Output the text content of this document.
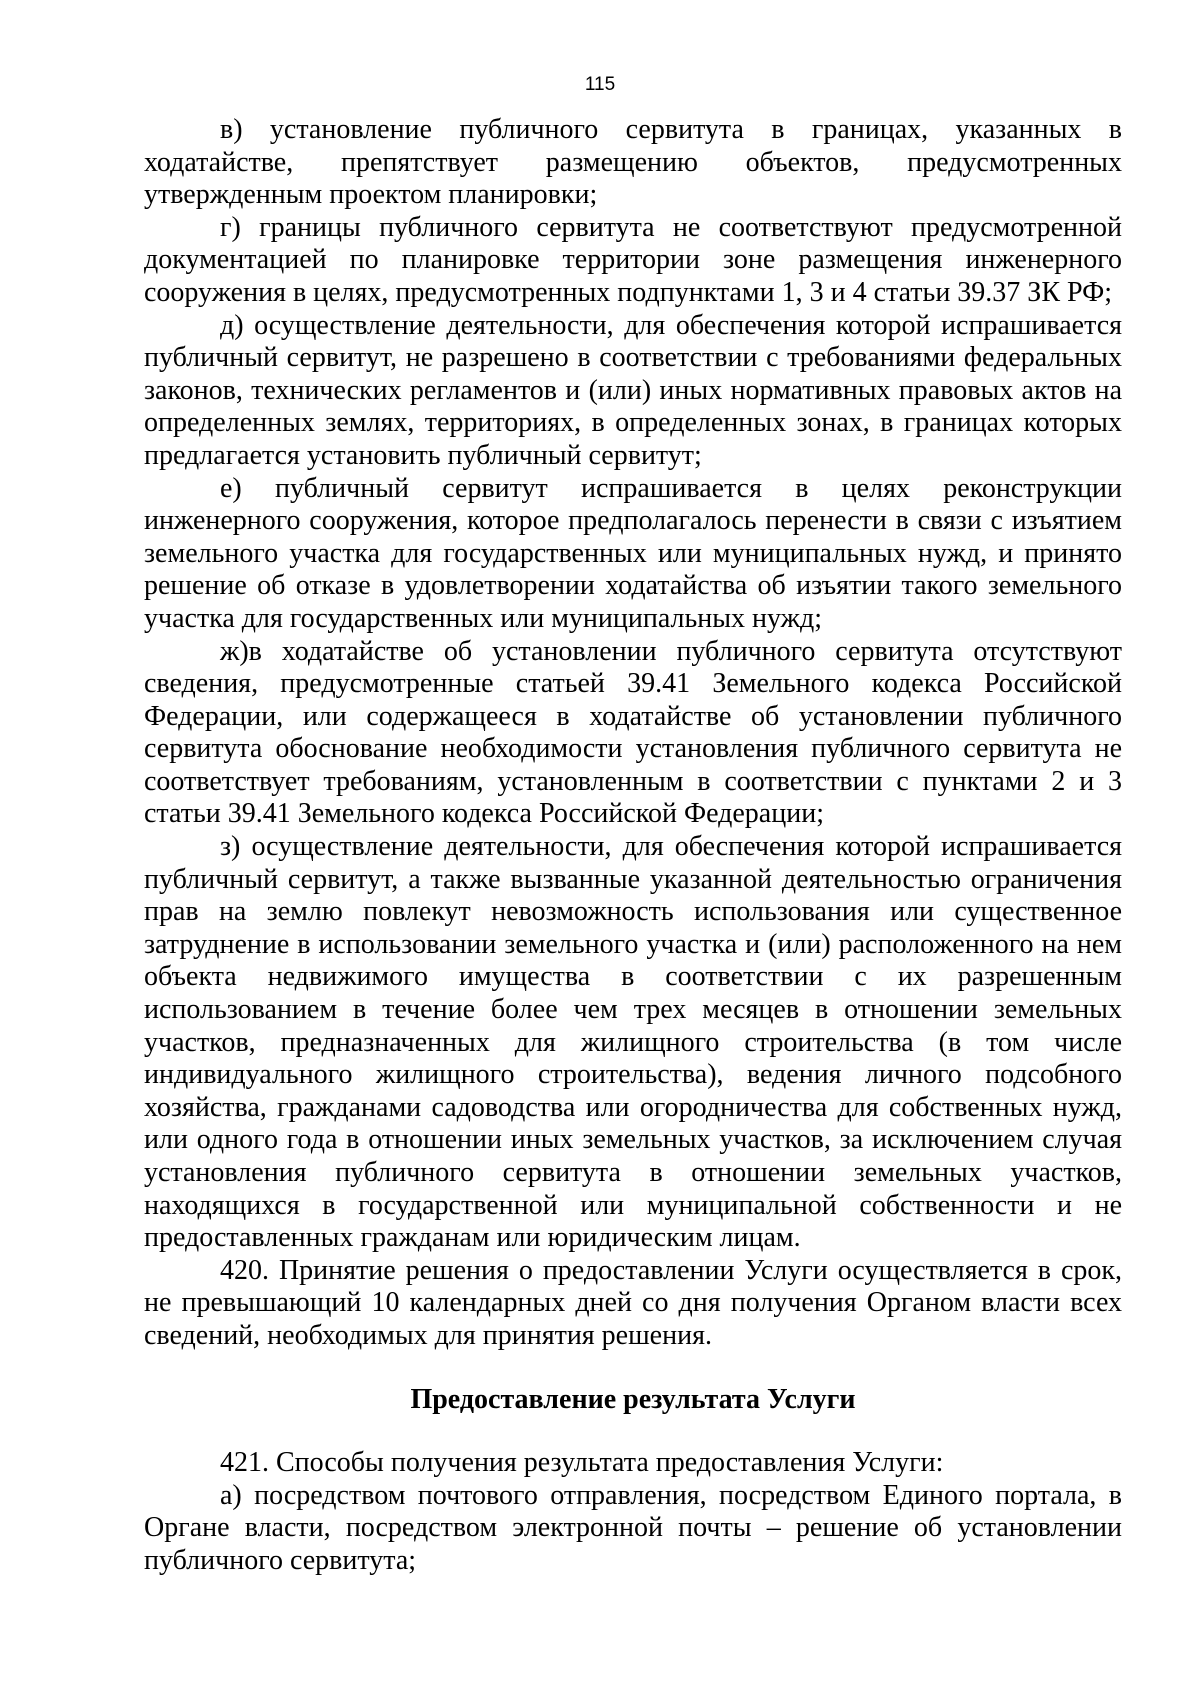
115

в) установление публичного сервитута в границах, указанных в ходатайстве, препятствует размещению объектов, предусмотренных утвержденным проектом планировки;

г) границы публичного сервитута не соответствуют предусмотренной документацией по планировке территории зоне размещения инженерного сооружения в целях, предусмотренных подпунктами 1, 3 и 4 статьи 39.37 ЗК РФ;

д) осуществление деятельности, для обеспечения которой испрашивается публичный сервитут, не разрешено в соответствии с требованиями федеральных законов, технических регламентов и (или) иных нормативных правовых актов на определенных землях, территориях, в определенных зонах, в границах которых предлагается установить публичный сервитут;

е) публичный сервитут испрашивается в целях реконструкции инженерного сооружения, которое предполагалось перенести в связи с изъятием земельного участка для государственных или муниципальных нужд, и принято решение об отказе в удовлетворении ходатайства об изъятии такого земельного участка для государственных или муниципальных нужд;

ж)в ходатайстве об установлении публичного сервитута отсутствуют сведения, предусмотренные статьей 39.41 Земельного кодекса Российской Федерации, или содержащееся в ходатайстве об установлении публичного сервитута обоснование необходимости установления публичного сервитута не соответствует требованиям, установленным в соответствии с пунктами 2 и 3 статьи 39.41 Земельного кодекса Российской Федерации;

з) осуществление деятельности, для обеспечения которой испрашивается публичный сервитут, а также вызванные указанной деятельностью ограничения прав на землю повлекут невозможность использования или существенное затруднение в использовании земельного участка и (или) расположенного на нем объекта недвижимого имущества в соответствии с их разрешенным использованием в течение более чем трех месяцев в отношении земельных участков, предназначенных для жилищного строительства (в том числе индивидуального жилищного строительства), ведения личного подсобного хозяйства, гражданами садоводства или огородничества для собственных нужд, или одного года в отношении иных земельных участков, за исключением случая установления публичного сервитута в отношении земельных участков, находящихся в государственной или муниципальной собственности и не предоставленных гражданам или юридическим лицам.

420. Принятие решения о предоставлении Услуги осуществляется в срок, не превышающий 10 календарных дней со дня получения Органом власти всех сведений, необходимых для принятия решения.

Предоставление результата Услуги

421. Способы получения результата предоставления Услуги:

а) посредством почтового отправления, посредством Единого портала, в Органе власти, посредством электронной почты – решение об установлении публичного сервитута;
